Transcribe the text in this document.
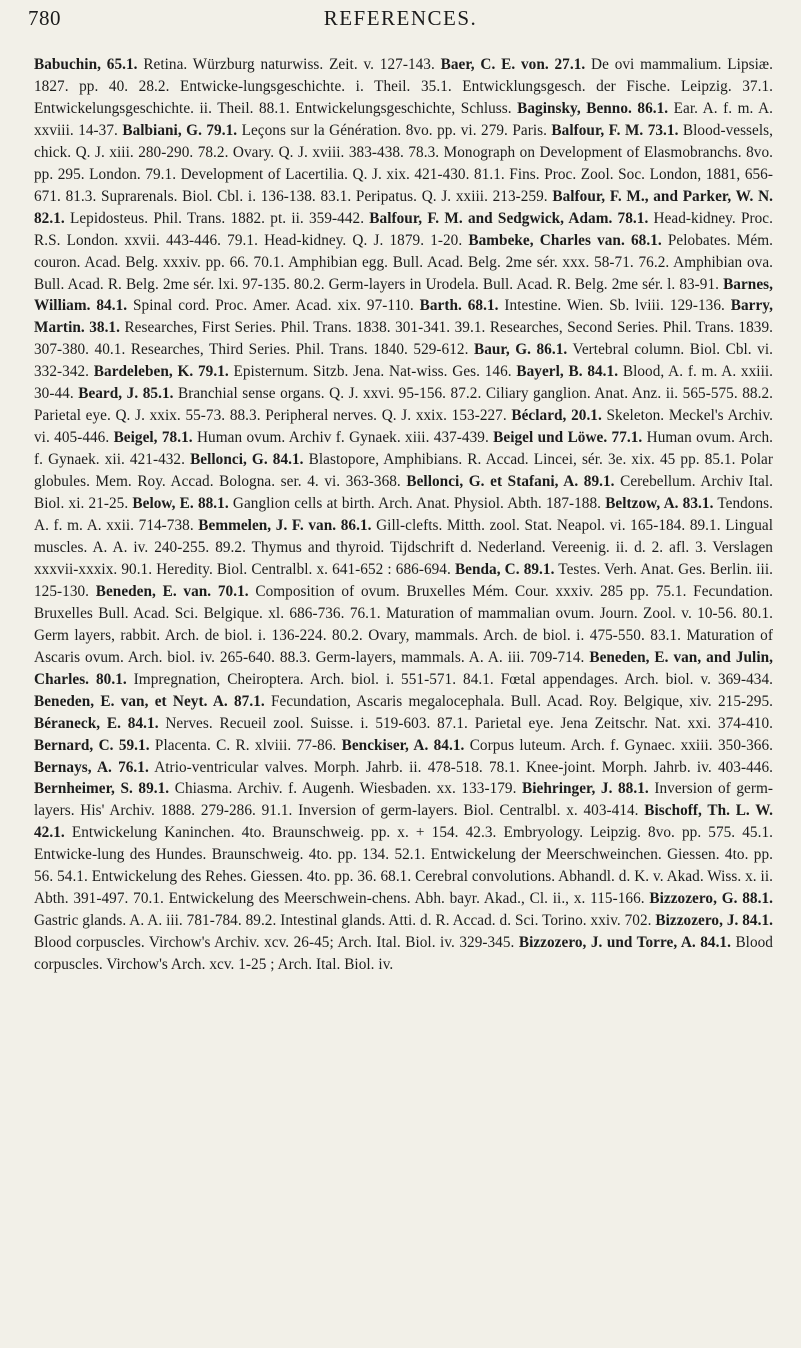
780	REFERENCES.

Babuchin, 65.1. Retina. Würzburg naturwiss. Zeit. v. 127-143. Baer, C. E. von. 27.1. De ovi mammalium. Lipsiæ. 1827. pp. 40. 28.2. Entwicke-lungsgeschichte. i. Theil. 35.1. Entwicklungsgesch. der Fische. Leipzig. 37.1. Entwickelungsgeschichte. ii. Theil. 88.1. Entwickelungsgeschichte, Schluss. Baginsky, Benno. 86.1. Ear. A. f. m. A. xxviii. 14-37. Balbiani, G. 79.1. Leçons sur la Génération. 8vo. pp. vi. 279. Paris. Balfour, F. M. 73.1. Blood-vessels, chick. Q. J. xiii. 280-290. 78.2. Ovary. Q. J. xviii. 383-438. 78.3. Monograph on Development of Elasmobranchs. 8vo. pp. 295. London. 79.1. Development of Lacertilia. Q. J. xix. 421-430. 81.1. Fins. Proc. Zool. Soc. London, 1881, 656-671. 81.3. Suprarenals. Biol. Cbl. i. 136-138. 83.1. Peripatus. Q. J. xxiii. 213-259. Balfour, F. M., and Parker, W. N. 82.1. Lepidosteus. Phil. Trans. 1882. pt. ii. 359-442. Balfour, F. M. and Sedgwick, Adam. 78.1. Head-kidney. Proc. R.S. London. xxvii. 443-446. 79.1. Head-kidney. Q. J. 1879. 1-20. Bambeke, Charles van. 68.1. Pelobates. Mém. couron. Acad. Belg. xxxiv. pp. 66. 70.1. Amphibian egg. Bull. Acad. Belg. 2me sér. xxx. 58-71. 76.2. Amphibian ova. Bull. Acad. R. Belg. 2me sér. lxi. 97-135. 80.2. Germ-layers in Urodela. Bull. Acad. R. Belg. 2me sér. l. 83-91. Barnes, William. 84.1. Spinal cord. Proc. Amer. Acad. xix. 97-110. Barth. 68.1. Intestine. Wien. Sb. lviii. 129-136. Barry, Martin. 38.1. Researches, First Series. Phil. Trans. 1838. 301-341. 39.1. Researches, Second Series. Phil. Trans. 1839. 307-380. 40.1. Researches, Third Series. Phil. Trans. 1840. 529-612. Baur, G. 86.1. Vertebral column. Biol. Cbl. vi. 332-342. Bardeleben, K. 79.1. Episternum. Sitzb. Jena. Nat-wiss. Ges. 146. Bayerl, B. 84.1. Blood, A. f. m. A. xxiii. 30-44. Beard, J. 85.1. Branchial sense organs. Q. J. xxvi. 95-156. 87.2. Ciliary ganglion. Anat. Anz. ii. 565-575. 88.2. Parietal eye. Q. J. xxix. 55-73. 88.3. Peripheral nerves. Q. J. xxix. 153-227. Béclard, 20.1. Skeleton. Meckel's Archiv. vi. 405-446. Beigel, 78.1. Human ovum. Archiv f. Gynaek. xiii. 437-439. Beigel und Löwe. 77.1. Human ovum. Arch. f. Gynaek. xii. 421-432. Bellonci, G. 84.1. Blastopore, Amphibians. R. Accad. Lincei, sér. 3e. xix. 45 pp. 85.1. Polar globules. Mem. Roy. Accad. Bologna. ser. 4. vi. 363-368. Bellonci, G. et Stafani, A. 89.1. Cerebellum. Archiv Ital. Biol. xi. 21-25. Below, E. 88.1. Ganglion cells at birth. Arch. Anat. Physiol. Abth. 187-188. Beltzow, A. 83.1. Tendons. A. f. m. A. xxii. 714-738. Bemmelen, J. F. van. 86.1. Gill-clefts. Mitth. zool. Stat. Neapol. vi. 165-184. 89.1. Lingual muscles. A. A. iv. 240-255. 89.2. Thymus and thyroid. Tijdschrift d. Nederland. Vereenig. ii. d. 2. afl. 3. Verslagen xxxvii-xxxix. 90.1. Heredity. Biol. Centralbl. x. 641-652 : 686-694. Benda, C. 89.1. Testes. Verh. Anat. Ges. Berlin. iii. 125-130. Beneden, E. van. 70.1. Composition of ovum. Bruxelles Mém. Cour. xxxiv. 285 pp. 75.1. Fecundation. Bruxelles Bull. Acad. Sci. Belgique. xl. 686-736. 76.1. Maturation of mammalian ovum. Journ. Zool. v. 10-56. 80.1. Germ layers, rabbit. Arch. de biol. i. 136-224. 80.2. Ovary, mammals. Arch. de biol. i. 475-550. 83.1. Maturation of Ascaris ovum. Arch. biol. iv. 265-640. 88.3. Germ-layers, mammals. A. A. iii. 709-714. Beneden, E. van, and Julin, Charles. 80.1. Impregnation, Cheiroptera. Arch. biol. i. 551-571. 84.1. Fœtal appendages. Arch. biol. v. 369-434. Beneden, E. van, et Neyt. A. 87.1. Fecundation, Ascaris megalocephala. Bull. Acad. Roy. Belgique, xiv. 215-295. Béraneck, E. 84.1. Nerves. Recueil zool. Suisse. i. 519-603. 87.1. Parietal eye. Jena Zeitschr. Nat. xxi. 374-410. Bernard, C. 59.1. Placenta. C. R. xlviii. 77-86. Benckiser, A. 84.1. Corpus luteum. Arch. f. Gynaec. xxiii. 350-366. Bernays, A. 76.1. Atrio-ventricular valves. Morph. Jahrb. ii. 478-518. 78.1. Knee-joint. Morph. Jahrb. iv. 403-446. Bernheimer, S. 89.1. Chiasma. Archiv. f. Augenh. Wiesbaden. xx. 133-179. Biehringer, J. 88.1. Inversion of germ-layers. His' Archiv. 1888. 279-286. 91.1. Inversion of germ-layers. Biol. Centralbl. x. 403-414. Bischoff, Th. L. W. 42.1. Entwickelung Kaninchen. 4to. Braunschweig. pp. x. + 154. 42.3. Embryology. Leipzig. 8vo. pp. 575. 45.1. Entwicke-lung des Hundes. Braunschweig. 4to. pp. 134. 52.1. Entwickelung der Meerschweinchen. Giessen. 4to. pp. 56. 54.1. Entwickelung des Rehes. Giessen. 4to. pp. 36. 68.1. Cerebral convolutions. Abhandl. d. K. v. Akad. Wiss. x. ii. Abth. 391-497. 70.1. Entwickelung des Meerschwein-chens. Abh. bayr. Akad., Cl. ii., x. 115-166. Bizzozero, G. 88.1. Gastric glands. A. A. iii. 781-784. 89.2. Intestinal glands. Atti. d. R. Accad. d. Sci. Torino. xxiv. 702. Bizzozero, J. 84.1. Blood corpuscles. Virchow's Archiv. xcv. 26-45; Arch. Ital. Biol. iv. 329-345. Bizzozero, J. und Torre, A. 84.1. Blood corpuscles. Virchow's Arch. xcv. 1-25 ; Arch. Ital. Biol. iv.
